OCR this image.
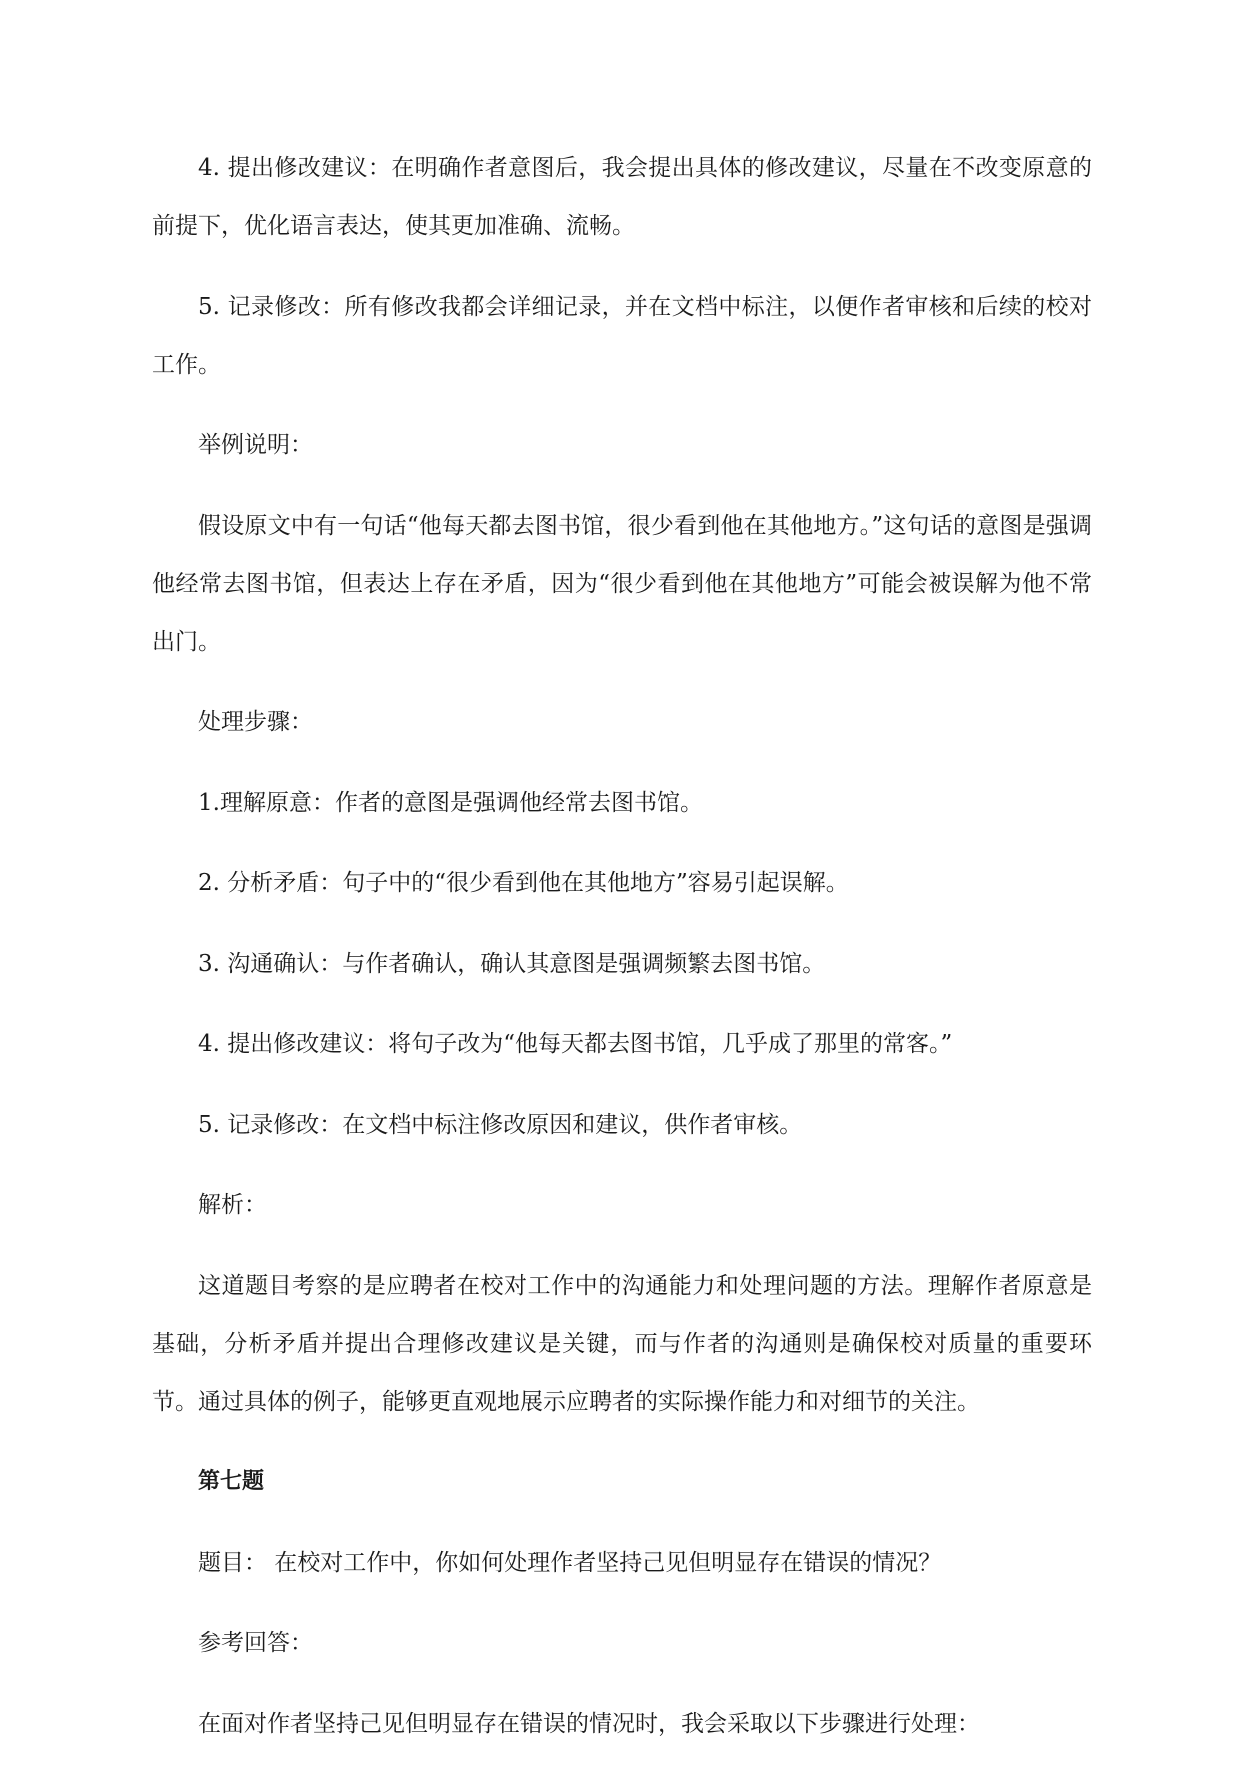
4. 提出修改建议：在明确作者意图后，我会提出具体的修改建议，尽量在不改变原意的前提下，优化语言表达，使其更加准确、流畅。

5. 记录修改：所有修改我都会详细记录，并在文档中标注，以便作者审核和后续的校对工作。

举例说明：

假设原文中有一句话“他每天都去图书馆，很少看到他在其他地方。”这句话的意图是强调他经常去图书馆，但表达上存在矛盾，因为“很少看到他在其他地方”可能会被误解为他不常出门。

处理步骤：

1.理解原意：作者的意图是强调他经常去图书馆。

2. 分析矛盾：句子中的“很少看到他在其他地方”容易引起误解。

3. 沟通确认：与作者确认，确认其意图是强调频繁去图书馆。

4. 提出修改建议：将句子改为“他每天都去图书馆，几乎成了那里的常客。”

5. 记录修改：在文档中标注修改原因和建议，供作者审核。

解析：

这道题目考察的是应聘者在校对工作中的沟通能力和处理问题的方法。理解作者原意是基础，分析矛盾并提出合理修改建议是关键，而与作者的沟通则是确保校对质量的重要环节。通过具体的例子，能够更直观地展示应聘者的实际操作能力和对细节的关注。

第七题

题目： 在校对工作中，你如何处理作者坚持己见但明显存在错误的情况？

参考回答：

在面对作者坚持己见但明显存在错误的情况时，我会采取以下步骤进行处理：
